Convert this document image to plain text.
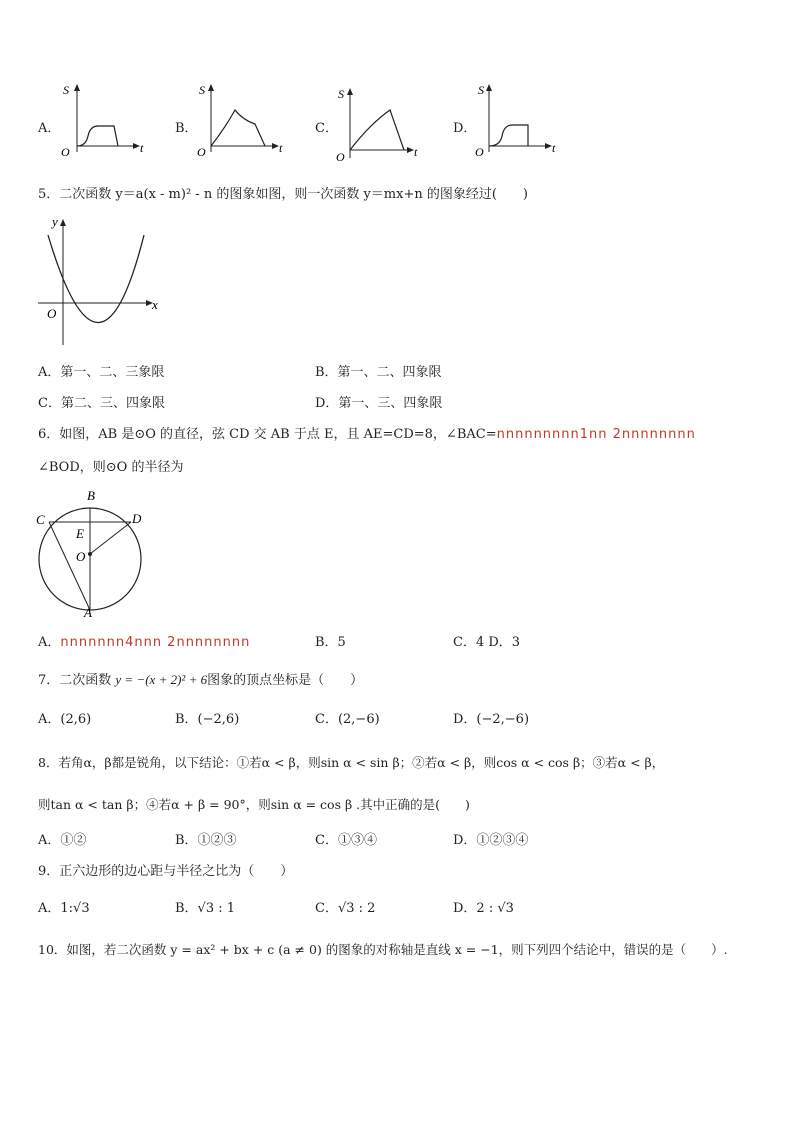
A．
S
t
O
B．
S
t
O
C．
S
t
O
D．
S
t
O
5．二次函数 y＝a(x - m)² - n 的图象如图，则一次函数 y＝mx+n 的图象经过(　　)
y
x
O
A．第一、二、三象限	B．第一、二、四象限
C．第二、三、四象限	D．第一、三、四象限
6．如图，AB 是⊙O 的直径，弦 CD 交 AB 于点 E，且 AE=CD=8，∠BAC=nnnnnnnnn1nn 2nnnnnnnn
∠BOD，则⊙O 的半径为
B
C	D
E
O
A
A．nnnnnnn4nnn 2nnnnnnnn	B．5	C．4 D．3
7．二次函数 y = −(x + 2)² + 6图象的顶点坐标是（　　）
A．(2,6)	B．(−2,6)	C．(2,−6)	D．(−2,−6)
8．若角α，β都是锐角，以下结论：①若α < β，则sin α < sin β；②若α < β，则cos α < cos β；③若α < β，
则tan α < tan β；④若α + β = 90°，则sin α = cos β .其中正确的是(　　)
A．①②	B．①②③	C．①③④	D．①②③④
9．正六边形的边心距与半径之比为（　　）
A．1:√3	B．√3 : 1	C．√3 : 2	D．2 : √3
10．如图，若二次函数 y = ax² + bx + c (a ≠ 0) 的图象的对称轴是直线 x = −1，则下列四个结论中，错误的是（　　）.
